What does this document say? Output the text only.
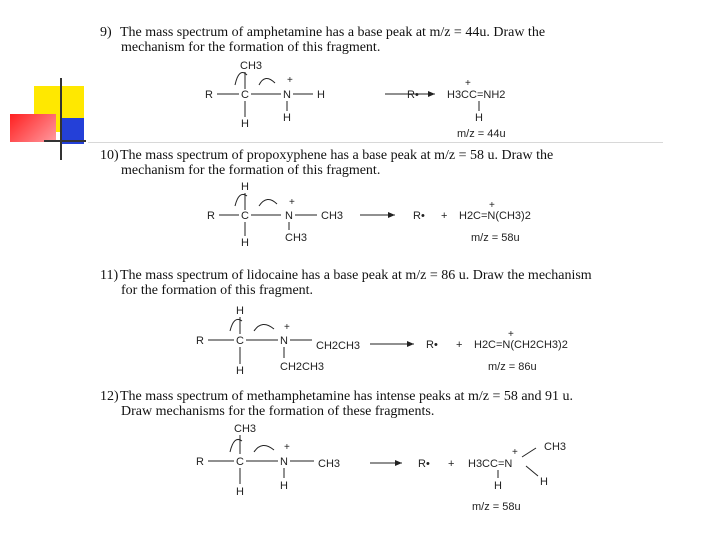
9) The mass spectrum of amphetamine has a base peak at m/z = 44u. Draw the
mechanism for the formation of this fragment.
10)The mass spectrum of propoxyphene has a base peak at m/z = 58 u. Draw the
mechanism for the formation of this fragment.
11) The mass spectrum of lidocaine has a base peak at m/z = 86 u. Draw the mechanism
for the formation of this fragment.
12)The mass spectrum of methamphetamine has intense peaks at m/z = 58 and 91 u.
Draw mechanisms for the formation of these fragments.
CH3
R	C	N
+
H
H	H
R•	H3CC=NH2
+
H
m/z = 44u
H
R C	N
+
CH3
H	CH3
R• + H2C=N(CH3)2
+
m/z = 58u
H
R	C	N
+
CH2CH3
H	CH2CH3
R• + H2C=N(CH2CH3)2
+
m/z = 86u
CH3
R	C	N
+
CH3
H	H
R• + H3CC=N
+ CH3
H
H
m/z = 58u
